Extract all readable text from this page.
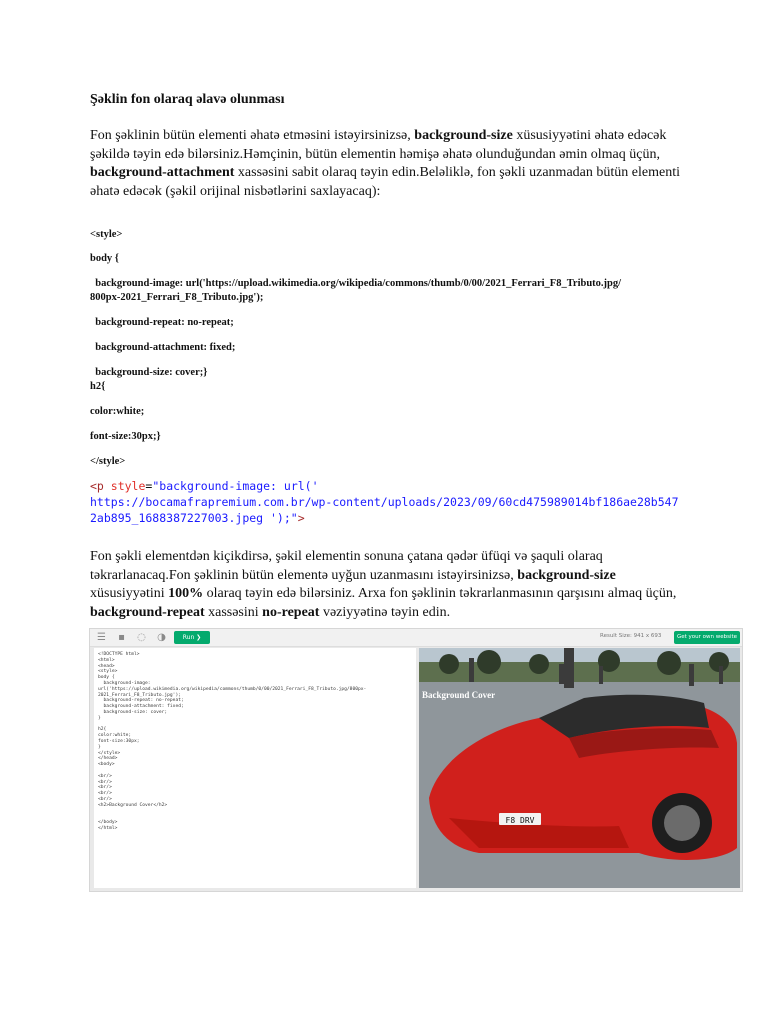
Şəklin fon olaraq əlavə olunması
Fon şəklinin bütün elementi əhatə etməsini istəyirsinizsə, background-size xüsusiyyətini əhatə edəcək
şəkildə təyin edə bilərsiniz.Həmçinin, bütün elementin həmişə əhatə olunduğundan əmin olmaq üçün,
background-attachment xassəsini sabit olaraq təyin edin.Beləliklə, fon şəkli uzanmadan bütün elementi
əhatə edəcək (şəkil orijinal nisbətlərini saxlayacaq):
<style>
body {
background-image: url('https://upload.wikimedia.org/wikipedia/commons/thumb/0/00/2021_Ferrari_F8_Tributo.jpg/
800px-2021_Ferrari_F8_Tributo.jpg');
background-repeat: no-repeat;
background-attachment: fixed;
background-size: cover;}
h2{
color:white;
font-size:30px;}
</style>
<p style="background-image: url('
https://bocamafrapremium.com.br/wp-content/uploads/2023/09/60cd475989014bf186ae28b547
2ab895_1688387227003.jpeg ');">
Fon şəkli elementdən kiçikdirsə, şəkil elementin sonuna çatana qədər üfüqi və şaquli olaraq
təkrarlanacaq.Fon şəklinin bütün elementə uyğun uzanmasını istəyirsinizsə, background-size
xüsusiyyətini 100% olaraq təyin edə bilərsiniz. Arxa fon şəklinin təkrarlanmasının qarşısını almaq üçün,
background-repeat xassəsini no-repeat vəziyyətinə təyin edin.
☰ ▪ ◌ ◑	Run ❯	Result Size: 941 x 693	Get your own website
<!DOCTYPE html>
<html>
<head>
<style>
body {
background-image:
url('https://upload.wikimedia.org/wikipedia/commons/thumb/0/00/2021_Ferrari_F8_Tributo.jpg/800px-
2021_Ferrari_F8_Tributo.jpg');
background-repeat: no-repeat;
background-attachment: fixed;
background-size: cover;
}

h2{
color:white;
font-size:30px;
}
</style>
</head>
<body>

<br/>
<br/>
<br/>
<br/>
<br/>
<h2>Background Cover</h2>

</body>
</html>
F8 DRV
Background Cover
